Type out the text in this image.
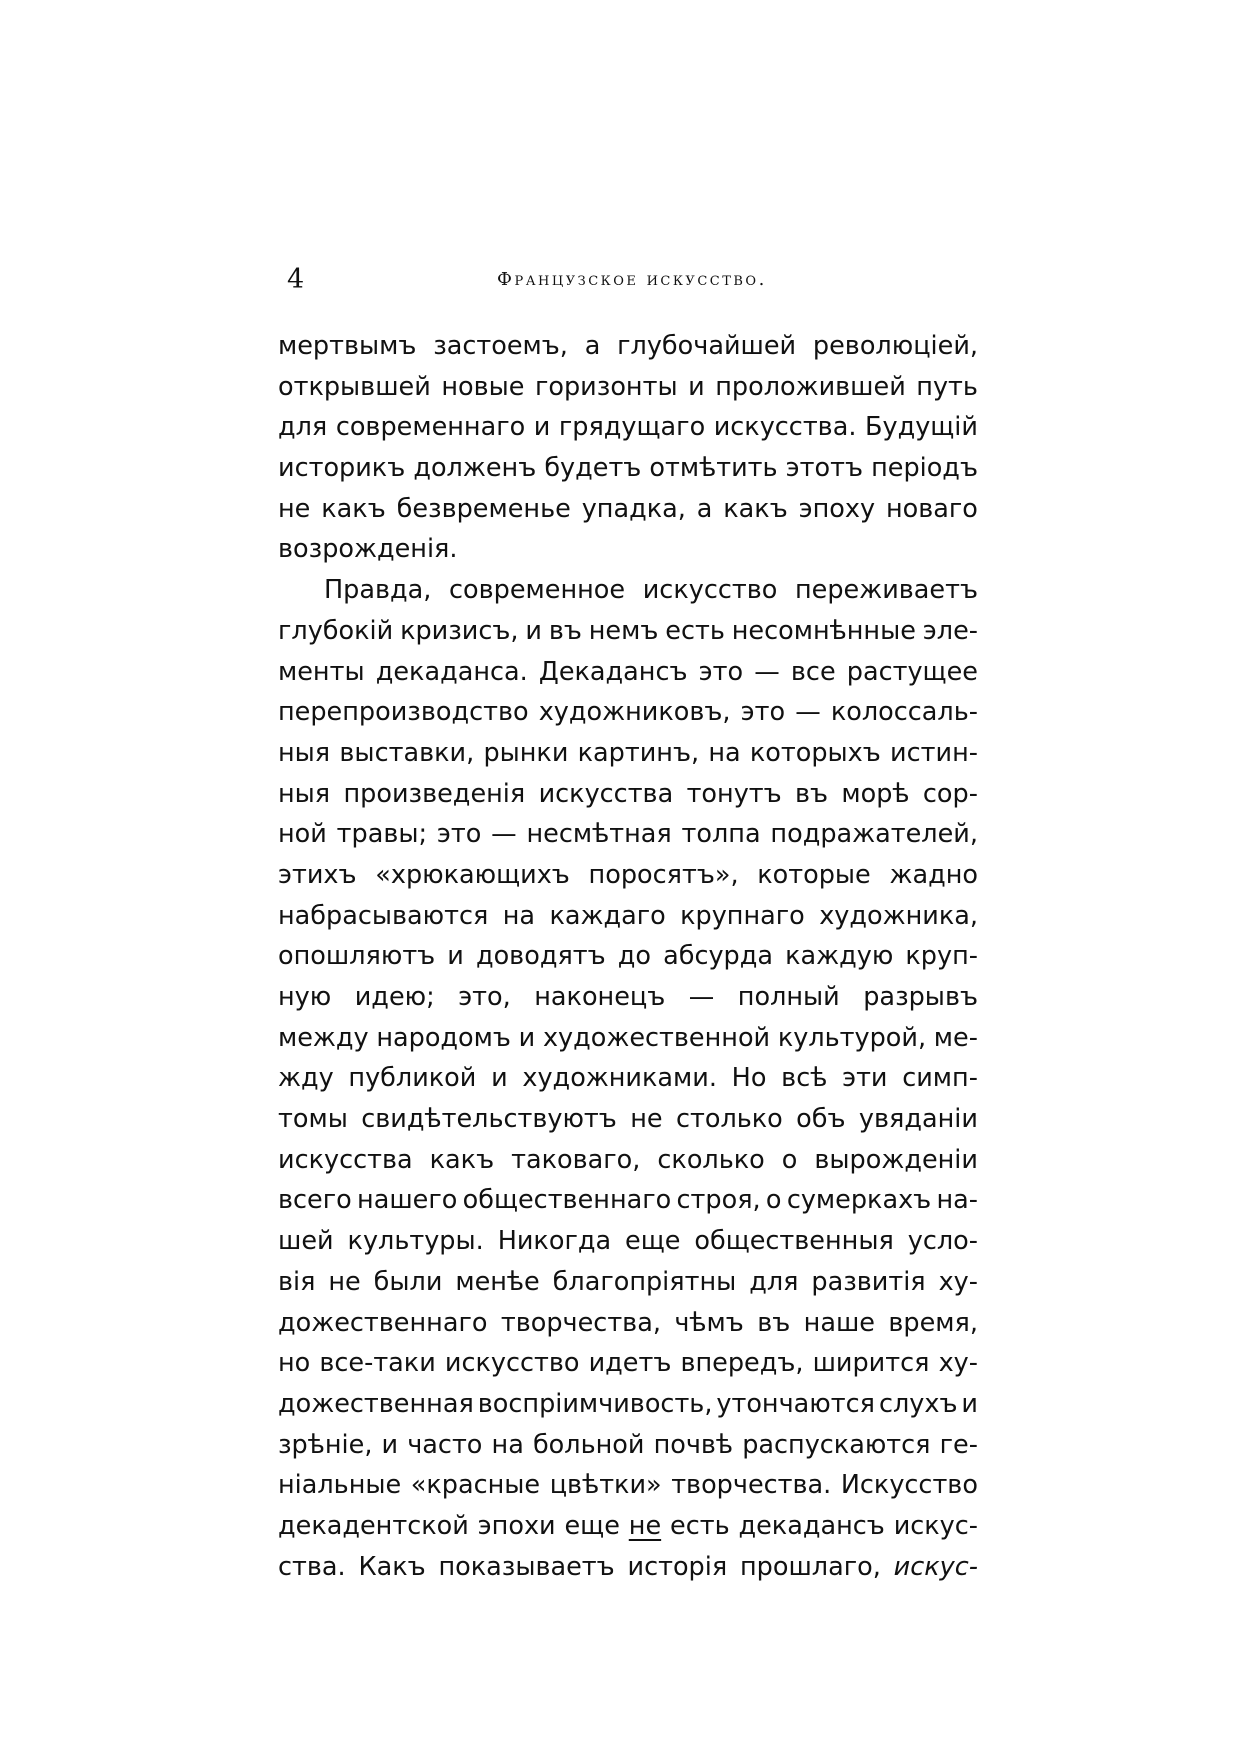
4	Французское искусство.
мертвымъ застоемъ, а глубочайшей революціей,
открывшей новые горизонты и проложившей путь
для современнаго и грядущаго искусства. Будущій
историкъ долженъ будетъ отмѣтить этотъ періодъ
не какъ безвременье упадка, а какъ эпоху новаго
возрожденія.
Правда, современное искусство переживаетъ
глубокій кризисъ, и въ немъ есть несомнѣнные эле-
менты декаданса. Декадансъ это — все растущее
перепроизводство художниковъ, это — колоссаль-
ныя выставки, рынки картинъ, на которыхъ истин-
ныя произведенія искусства тонутъ въ морѣ сор-
ной травы; это — несмѣтная толпа подражателей,
этихъ «хрюкающихъ поросятъ», которые жадно
набрасываются на каждаго крупнаго художника,
опошляютъ и доводятъ до абсурда каждую круп-
ную идею; это, наконецъ — полный разрывъ
между народомъ и художественной культурой, ме-
жду публикой и художниками. Но всѣ эти симп-
томы свидѣтельствуютъ не столько объ увяданіи
искусства какъ таковаго, сколько о вырожденіи
всего нашего общественнаго строя, о сумеркахъ на-
шей культуры. Никогда еще общественныя усло-
вія не были менѣе благопріятны для развитія ху-
дожественнаго творчества, чѣмъ въ наше время,
но все-таки искусство идетъ впередъ, ширится ху-
дожественная воспріимчивость, утончаются слухъ и
зрѣніе, и часто на больной почвѣ распускаются ге-
ніальные «красные цвѣтки» творчества. Искусство
декадентской эпохи еще не есть декадансъ искус-
ства. Какъ показываетъ исторія прошлаго, искус-
